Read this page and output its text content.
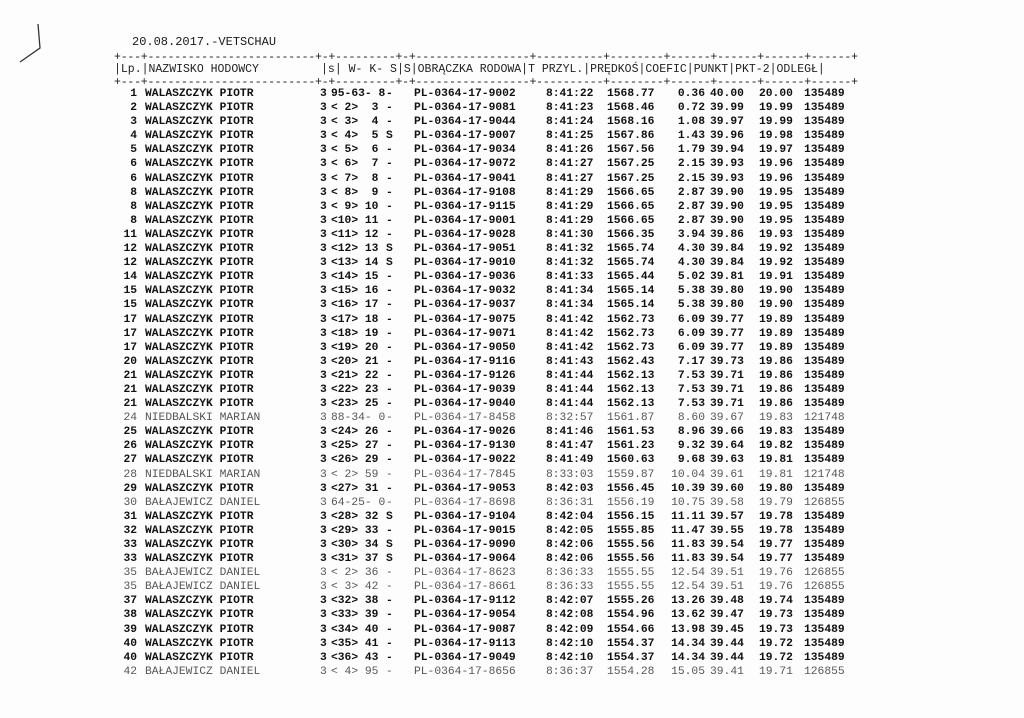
20.08.2017.-VETSCHAU
+---+-------------------------+-+---------+-+-----------------+----------+--------+------+------+------+------+
|Lp.|NAZWISKO HODOWCY         |s| W- K- S|S|OBRĄCZKA RODOWA|T PRZYL.|PRĘDKOŚ|COEFIC|PUNKT|PKT-2|ODLEGŁ|
+---+-------------------------+-+---------+-+-----------------+----------+--------+------+------+------+------+
1 WALASZCZYK PIOTR	3 95-63- 8 - PL-0364-17-9002	8:41:22 1568.77	0.36 40.00 20.00 135489
2 WALASZCZYK PIOTR	3 < 2>  3 - PL-0364-17-9081	8:41:23 1568.46	0.72 39.99 19.99 135489
3 WALASZCZYK PIOTR	3 < 3>  4 - PL-0364-17-9044	8:41:24 1568.16	1.08 39.97 19.99 135489
4 WALASZCZYK PIOTR	3 < 4>  5 S PL-0364-17-9007	8:41:25 1567.86	1.43 39.96 19.98 135489
5 WALASZCZYK PIOTR	3 < 5>  6 - PL-0364-17-9034	8:41:26 1567.56	1.79 39.94 19.97 135489
6 WALASZCZYK PIOTR	3 < 6>  7 - PL-0364-17-9072	8:41:27 1567.25	2.15 39.93 19.96 135489
6 WALASZCZYK PIOTR	3 < 7>  8 - PL-0364-17-9041	8:41:27 1567.25	2.15 39.93 19.96 135489
8 WALASZCZYK PIOTR	3 < 8>  9 - PL-0364-17-9108	8:41:29 1566.65	2.87 39.90 19.95 135489
8 WALASZCZYK PIOTR	3 < 9> 10 - PL-0364-17-9115	8:41:29 1566.65	2.87 39.90 19.95 135489
8 WALASZCZYK PIOTR	3 <10> 11 - PL-0364-17-9001	8:41:29 1566.65	2.87 39.90 19.95 135489
11 WALASZCZYK PIOTR	3 <11> 12 - PL-0364-17-9028	8:41:30 1566.35	3.94 39.86 19.93 135489
12 WALASZCZYK PIOTR	3 <12> 13 S PL-0364-17-9051	8:41:32 1565.74	4.30 39.84 19.92 135489
12 WALASZCZYK PIOTR	3 <13> 14 S PL-0364-17-9010	8:41:32 1565.74	4.30 39.84 19.92 135489
14 WALASZCZYK PIOTR	3 <14> 15 - PL-0364-17-9036	8:41:33 1565.44	5.02 39.81 19.91 135489
15 WALASZCZYK PIOTR	3 <15> 16 - PL-0364-17-9032	8:41:34 1565.14	5.38 39.80 19.90 135489
15 WALASZCZYK PIOTR	3 <16> 17 - PL-0364-17-9037	8:41:34 1565.14	5.38 39.80 19.90 135489
17 WALASZCZYK PIOTR	3 <17> 18 - PL-0364-17-9075	8:41:42 1562.73	6.09 39.77 19.89 135489
17 WALASZCZYK PIOTR	3 <18> 19 - PL-0364-17-9071	8:41:42 1562.73	6.09 39.77 19.89 135489
17 WALASZCZYK PIOTR	3 <19> 20 - PL-0364-17-9050	8:41:42 1562.73	6.09 39.77 19.89 135489
20 WALASZCZYK PIOTR	3 <20> 21 - PL-0364-17-9116	8:41:43 1562.43	7.17 39.73 19.86 135489
21 WALASZCZYK PIOTR	3 <21> 22 - PL-0364-17-9126	8:41:44 1562.13	7.53 39.71 19.86 135489
21 WALASZCZYK PIOTR	3 <22> 23 - PL-0364-17-9039	8:41:44 1562.13	7.53 39.71 19.86 135489
21 WALASZCZYK PIOTR	3 <23> 25 - PL-0364-17-9040	8:41:44 1562.13	7.53 39.71 19.86 135489
24 NIEDBALSKI MARIAN	3 88-34- 0 - PL-0364-17-8458	8:32:57 1561.87	8.60 39.67 19.83 121748
25 WALASZCZYK PIOTR	3 <24> 26 - PL-0364-17-9026	8:41:46 1561.53	8.96 39.66 19.83 135489
26 WALASZCZYK PIOTR	3 <25> 27 - PL-0364-17-9130	8:41:47 1561.23	9.32 39.64 19.82 135489
27 WALASZCZYK PIOTR	3 <26> 29 - PL-0364-17-9022	8:41:49 1560.63	9.68 39.63 19.81 135489
28 NIEDBALSKI MARIAN	3 < 2> 59 - PL-0364-17-7845	8:33:03 1559.87	10.04 39.61 19.81 121748
29 WALASZCZYK PIOTR	3 <27> 31 - PL-0364-17-9053	8:42:03 1556.45	10.39 39.60 19.80 135489
30 BAŁAJEWICZ DANIEL	3 64-25- 0 - PL-0364-17-8698	8:36:31 1556.19	10.75 39.58 19.79 126855
31 WALASZCZYK PIOTR	3 <28> 32 S PL-0364-17-9104	8:42:04 1556.15	11.11 39.57 19.78 135489
32 WALASZCZYK PIOTR	3 <29> 33 - PL-0364-17-9015	8:42:05 1555.85	11.47 39.55 19.78 135489
33 WALASZCZYK PIOTR	3 <30> 34 S PL-0364-17-9090	8:42:06 1555.56	11.83 39.54 19.77 135489
33 WALASZCZYK PIOTR	3 <31> 37 S PL-0364-17-9064	8:42:06 1555.56	11.83 39.54 19.77 135489
35 BAŁAJEWICZ DANIEL	3 < 2> 36 - PL-0364-17-8623	8:36:33 1555.55	12.54 39.51 19.76 126855
35 BAŁAJEWICZ DANIEL	3 < 3> 42 - PL-0364-17-8661	8:36:33 1555.55	12.54 39.51 19.76 126855
37 WALASZCZYK PIOTR	3 <32> 38 - PL-0364-17-9112	8:42:07 1555.26	13.26 39.48 19.74 135489
38 WALASZCZYK PIOTR	3 <33> 39 - PL-0364-17-9054	8:42:08 1554.96	13.62 39.47 19.73 135489
39 WALASZCZYK PIOTR	3 <34> 40 - PL-0364-17-9087	8:42:09 1554.66	13.98 39.45 19.73 135489
40 WALASZCZYK PIOTR	3 <35> 41 - PL-0364-17-9113	8:42:10 1554.37	14.34 39.44 19.72 135489
40 WALASZCZYK PIOTR	3 <36> 43 - PL-0364-17-9049	8:42:10 1554.37	14.34 39.44 19.72 135489
42 BAŁAJEWICZ DANIEL	3 < 4> 95 - PL-0364-17-8656	8:36:37 1554.28	15.05 39.41 19.71 126855
